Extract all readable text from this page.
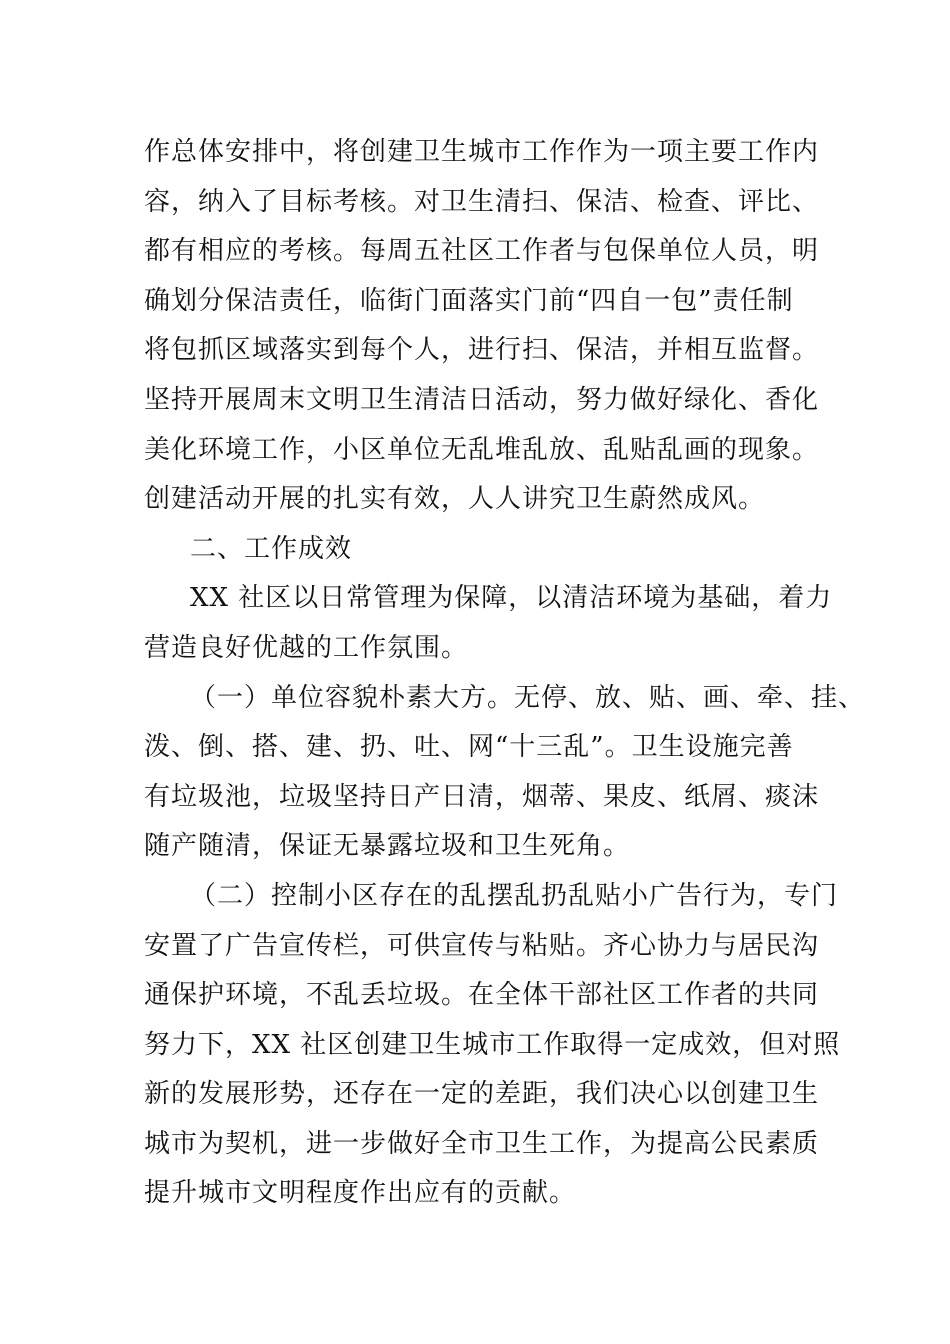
作总体安排中，将创建卫生城市工作作为一项主要工作内
容，纳入了目标考核。对卫生清扫、保洁、检查、评比、
都有相应的考核。每周五社区工作者与包保单位人员，明
确划分保洁责任，临街门面落实门前“四自一包”责任制
将包抓区域落实到每个人，进行扫、保洁，并相互监督。
坚持开展周末文明卫生清洁日活动，努力做好绿化、香化
美化环境工作，小区单位无乱堆乱放、乱贴乱画的现象。
创建活动开展的扎实有效，人人讲究卫生蔚然成风。
二、工作成效
XX 社区以日常管理为保障，以清洁环境为基础，着力
营造良好优越的工作氛围。
（一）单位容貌朴素大方。无停、放、贴、画、牵、挂、
泼、倒、搭、建、扔、吐、网“十三乱”。卫生设施完善
有垃圾池，垃圾坚持日产日清，烟蒂、果皮、纸屑、痰沫
随产随清，保证无暴露垃圾和卫生死角。
（二）控制小区存在的乱摆乱扔乱贴小广告行为，专门
安置了广告宣传栏，可供宣传与粘贴。齐心协力与居民沟
通保护环境，不乱丢垃圾。在全体干部社区工作者的共同
努力下，XX 社区创建卫生城市工作取得一定成效，但对照
新的发展形势，还存在一定的差距，我们决心以创建卫生
城市为契机，进一步做好全市卫生工作，为提高公民素质
提升城市文明程度作出应有的贡献。
